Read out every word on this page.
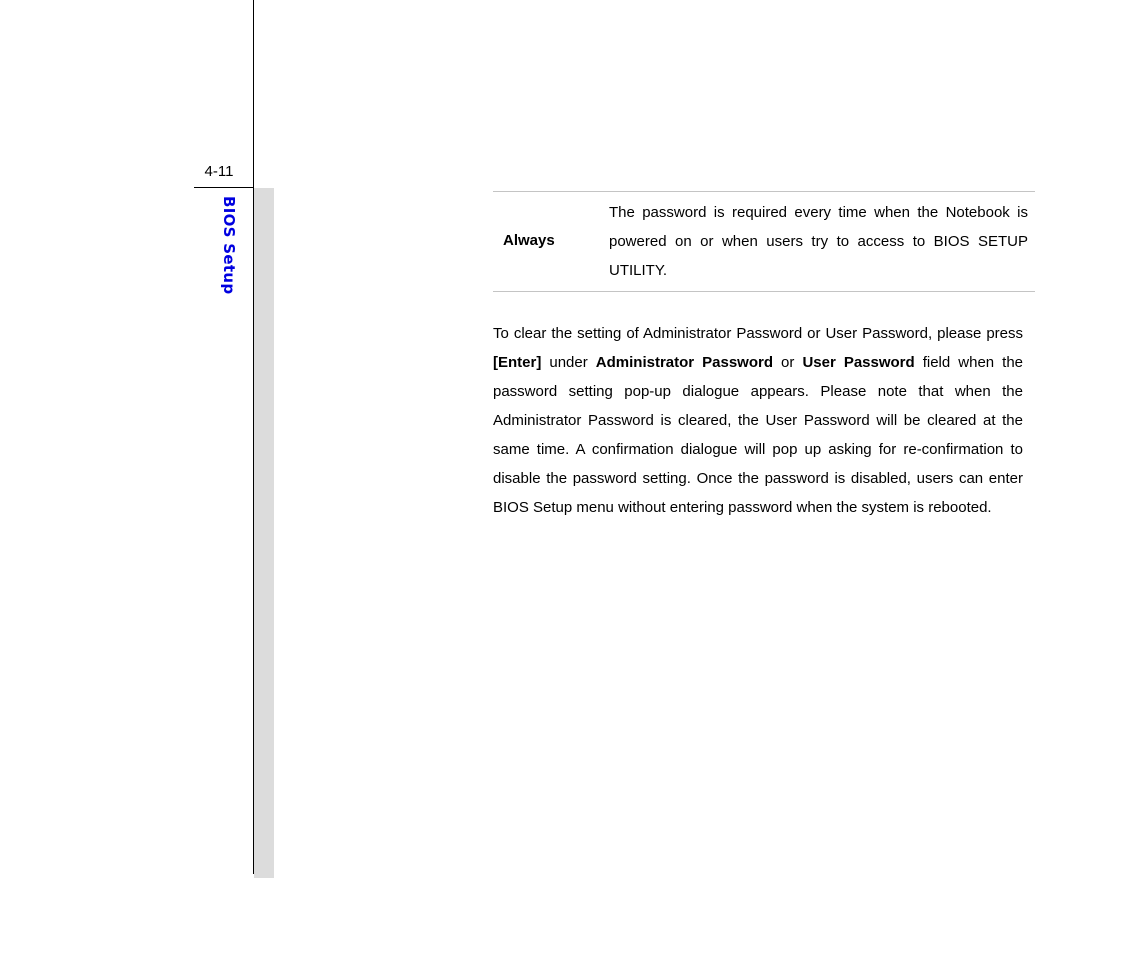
4-11
BIOS Setup	Always
The password is required every time when the Notebook is powered on or when users try to access to BIOS SETUP UTILITY.

To clear the setting of Administrator Password or User Password, please press [Enter] under Administrator Password or User Password field when the password setting pop-up dialogue appears. Please note that when the Administrator Password is cleared, the User Password will be cleared at the same time. A confirmation dialogue will pop up asking for re-confirmation to disable the password setting. Once the password is disabled, users can enter BIOS Setup menu without entering password when the system is rebooted.
